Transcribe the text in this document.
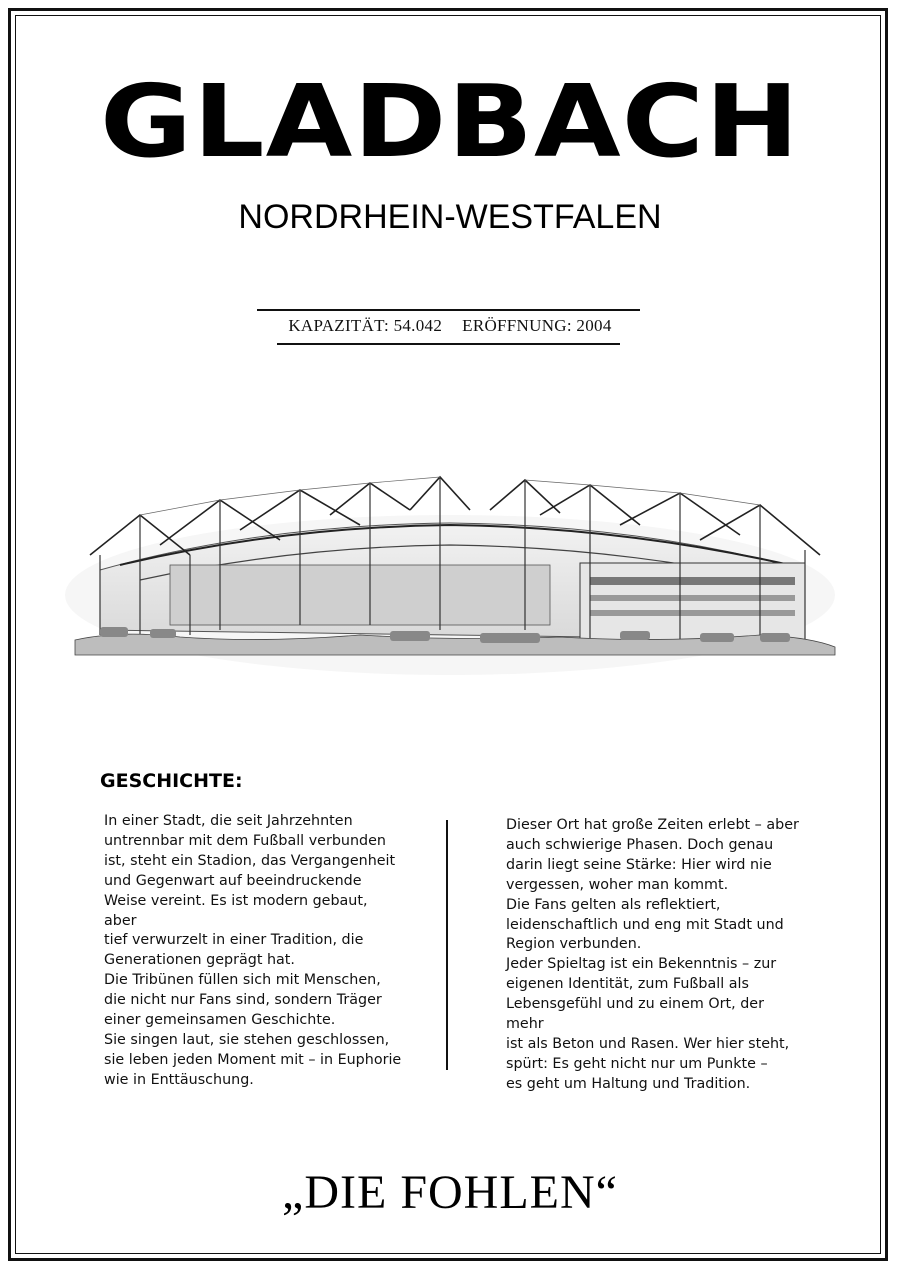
GLADBACH
NORDRHEIN-WESTFALEN
KAPAZITÄT: 54.042 ERÖFFNUNG: 2004
GESCHICHTE:

In einer Stadt, die seit Jahrzehnten

untrennbar mit dem Fußball verbunden

ist, steht ein Stadion, das Vergangenheit

und Gegenwart auf beeindruckende

Weise vereint. Es ist modern gebaut, aber

tief verwurzelt in einer Tradition, die

Generationen geprägt hat.

Die Tribünen füllen sich mit Menschen,

die nicht nur Fans sind, sondern Träger

einer gemeinsamen Geschichte.

Sie singen laut, sie stehen geschlossen,

sie leben jeden Moment mit – in Euphorie

wie in Enttäuschung.

Dieser Ort hat große Zeiten erlebt – aber

auch schwierige Phasen. Doch genau

darin liegt seine Stärke: Hier wird nie

vergessen, woher man kommt.

Die Fans gelten als reflektiert,

leidenschaftlich und eng mit Stadt und

Region verbunden.

Jeder Spieltag ist ein Bekenntnis – zur

eigenen Identität, zum Fußball als

Lebensgefühl und zu einem Ort, der mehr

ist als Beton und Rasen. Wer hier steht,

spürt: Es geht nicht nur um Punkte –

es geht um Haltung und Tradition.

„DIE FOHLEN“
